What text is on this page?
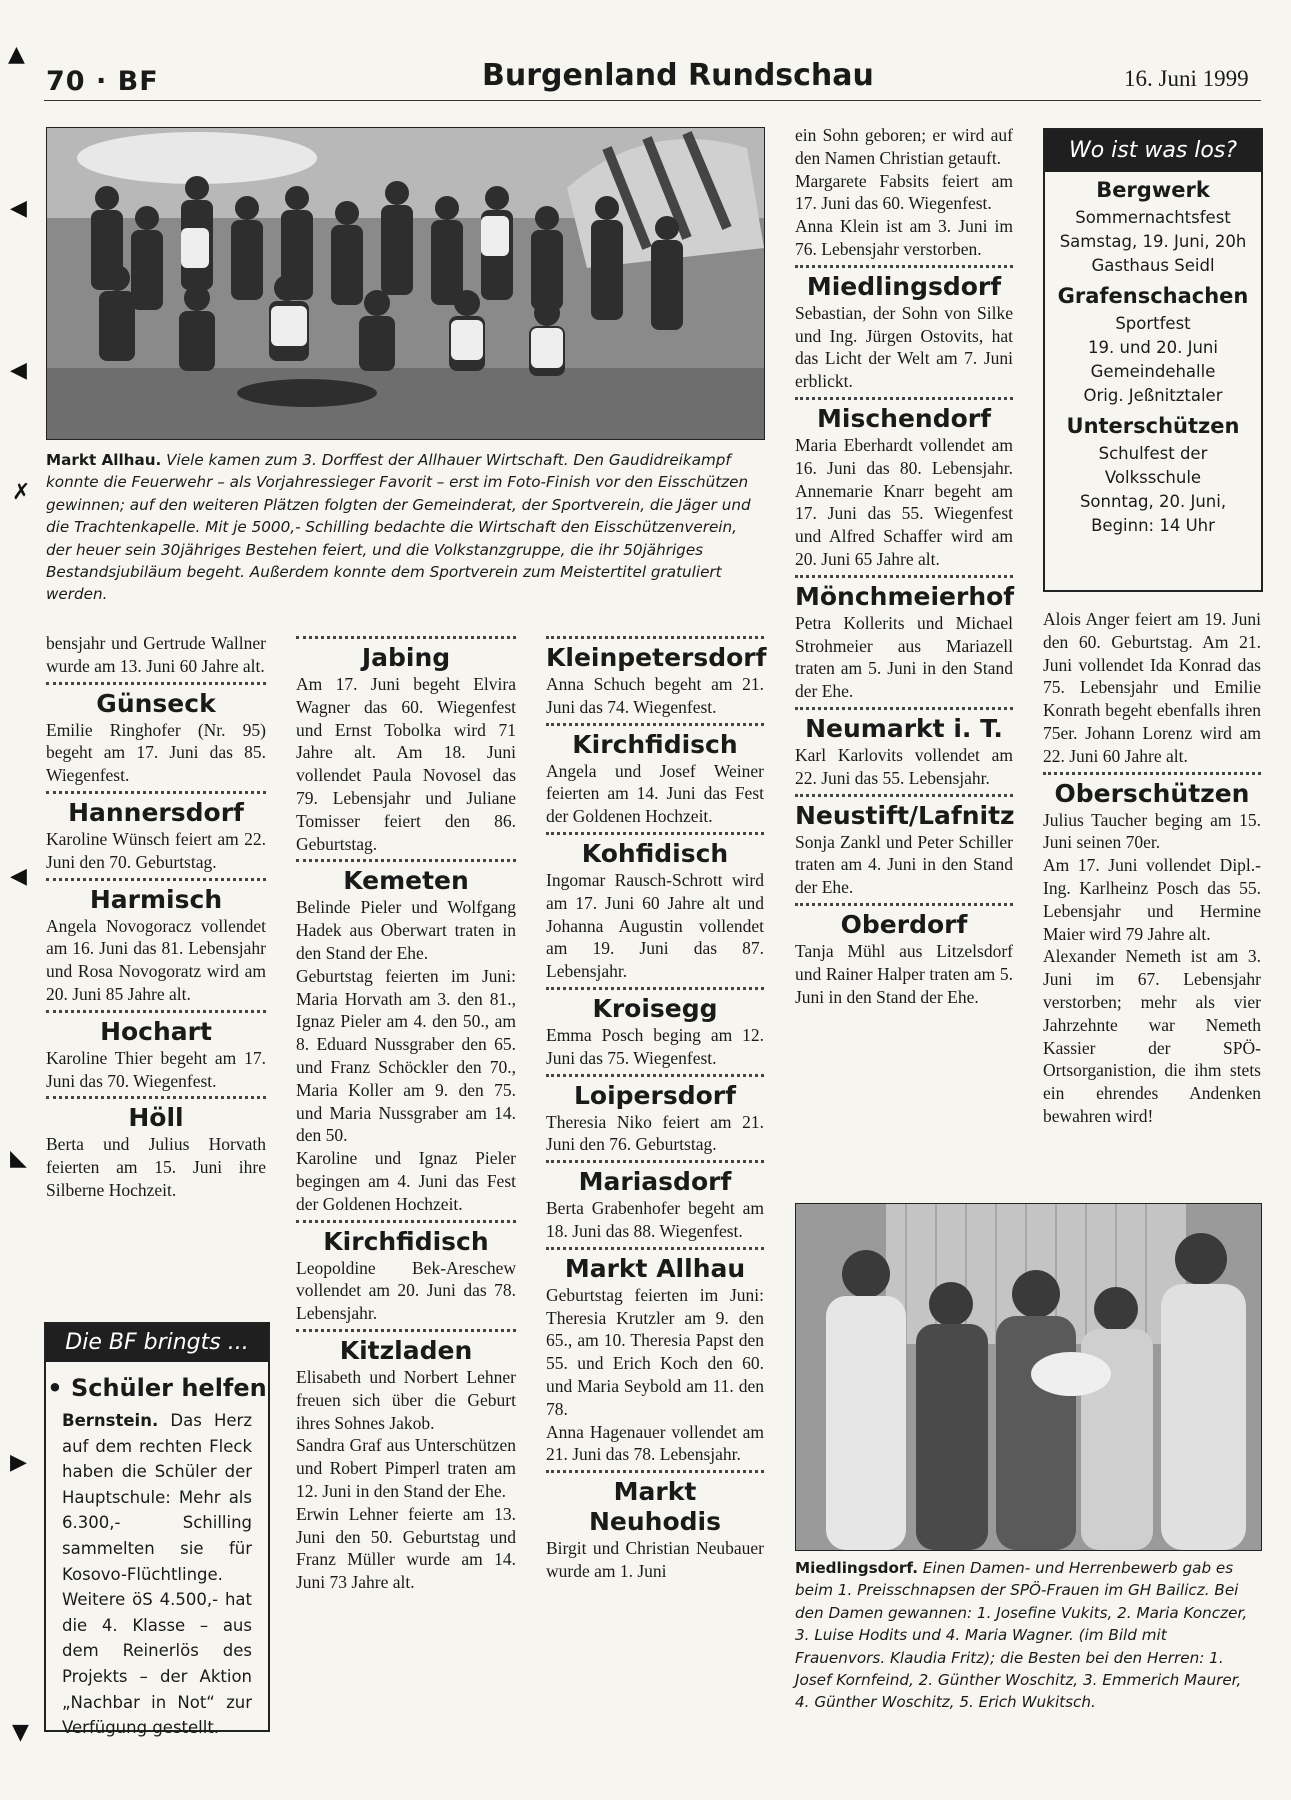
▲
◀
◀
✗
◀
◣
▶
▼
70 · BF	Burgenland Rundschau	16. Juni 1999
Markt Allhau. Viele kamen zum 3. Dorffest der Allhauer Wirtschaft. Den Gaudidreikampf konnte die Feuerwehr – als Vorjahressieger Favorit – erst im Foto-Finish vor den Eisschützen gewinnen; auf den weiteren Plätzen folgten der Gemeinderat, der Sportverein, die Jäger und die Trachtenkapelle. Mit je 5000,- Schilling bedachte die Wirtschaft den Eisschützenverein, der heuer sein 30jähriges Bestehen feiert, und die Volkstanzgruppe, die ihr 50jähriges Bestandsjubiläum begeht. Außerdem konnte dem Sportverein zum Meistertitel gratuliert werden.

bensjahr und Gertrude Wallner wurde am 13. Juni 60 Jahre alt.

Günseck

Emilie Ringhofer (Nr. 95) begeht am 17. Juni das 85. Wiegenfest.

Hannersdorf

Karoline Wünsch feiert am 22. Juni den 70. Geburtstag.

Harmisch

Angela Novogoracz vollendet am 16. Juni das 81. Lebensjahr und Rosa Novogoratz wird am 20. Juni 85 Jahre alt.

Hochart

Karoline Thier begeht am 17. Juni das 70. Wiegenfest.

Höll

Berta und Julius Horvath feierten am 15. Juni ihre Silberne Hochzeit.

Die BF bringts ...
• Schüler helfen
Bernstein. Das Herz auf dem rechten Fleck haben die Schüler der Hauptschule: Mehr als 6.300,- Schilling sammelten sie für Kosovo-Flüchtlinge. Weitere öS 4.500,- hat die 4. Klasse – aus dem Reinerlös des Projekts – der Aktion „Nachbar in Not“ zur Verfügung gestellt.
Jabing

Am 17. Juni begeht Elvira Wagner das 60. Wiegenfest und Ernst Tobolka wird 71 Jahre alt. Am 18. Juni vollendet Paula Novosel das 79. Lebensjahr und Juliane Tomisser feiert den 86. Geburtstag.

Kemeten

Belinde Pieler und Wolfgang Hadek aus Oberwart traten in den Stand der Ehe.

Geburtstag feierten im Juni: Maria Horvath am 3. den 81., Ignaz Pieler am 4. den 50., am 8. Eduard Nussgraber den 65. und Franz Schöckler den 70., Maria Koller am 9. den 75. und Maria Nussgraber am 14. den 50.

Karoline und Ignaz Pieler begingen am 4. Juni das Fest der Goldenen Hochzeit.

Kirchfidisch

Leopoldine Bek-Areschew vollendet am 20. Juni das 78. Lebensjahr.

Kitzladen

Elisabeth und Norbert Lehner freuen sich über die Geburt ihres Sohnes Jakob.

Sandra Graf aus Unterschützen und Robert Pimperl traten am 12. Juni in den Stand der Ehe.

Erwin Lehner feierte am 13. Juni den 50. Geburtstag und Franz Müller wurde am 14. Juni 73 Jahre alt.

Kleinpetersdorf

Anna Schuch begeht am 21. Juni das 74. Wiegenfest.

Kirchfidisch

Angela und Josef Weiner feierten am 14. Juni das Fest der Goldenen Hochzeit.

Kohfidisch

Ingomar Rausch-Schrott wird am 17. Juni 60 Jahre alt und Johanna Augustin vollendet am 19. Juni das 87. Lebensjahr.

Kroisegg

Emma Posch beging am 12. Juni das 75. Wiegenfest.

Loipersdorf

Theresia Niko feiert am 21. Juni den 76. Geburtstag.

Mariasdorf

Berta Grabenhofer begeht am 18. Juni das 88. Wiegenfest.

Markt Allhau

Geburtstag feierten im Juni: Theresia Krutzler am 9. den 65., am 10. Theresia Papst den 55. und Erich Koch den 60. und Maria Seybold am 11. den 78.

Anna Hagenauer vollendet am 21. Juni das 78. Lebensjahr.

Markt Neuhodis

Birgit und Christian Neubauer wurde am 1. Juni

ein Sohn geboren; er wird auf den Namen Christian getauft.

Margarete Fabsits feiert am 17. Juni das 60. Wiegenfest.

Anna Klein ist am 3. Juni im 76. Lebensjahr verstorben.

Miedlingsdorf

Sebastian, der Sohn von Silke und Ing. Jürgen Ostovits, hat das Licht der Welt am 7. Juni erblickt.

Mischendorf

Maria Eberhardt vollendet am 16. Juni das 80. Lebensjahr. Annemarie Knarr begeht am 17. Juni das 55. Wiegenfest und Alfred Schaffer wird am 20. Juni 65 Jahre alt.

Mönchmeierhof

Petra Kollerits und Michael Strohmeier aus Mariazell traten am 5. Juni in den Stand der Ehe.

Neumarkt i. T.

Karl Karlovits vollendet am 22. Juni das 55. Lebensjahr.

Neustift/Lafnitz

Sonja Zankl und Peter Schiller traten am 4. Juni in den Stand der Ehe.

Oberdorf

Tanja Mühl aus Litzelsdorf und Rainer Halper traten am 5. Juni in den Stand der Ehe.

Wo ist was los?
Bergwerk

Sommernachtsfest

Samstag, 19. Juni, 20h

Gasthaus Seidl

Grafenschachen

Sportfest

19. und 20. Juni

Gemeindehalle

Orig. Jeßnitztaler

Unterschützen

Schulfest der

Volksschule

Sonntag, 20. Juni,

Beginn: 14 Uhr

Alois Anger feiert am 19. Juni den 60. Geburtstag. Am 21. Juni vollendet Ida Konrad das 75. Lebensjahr und Emilie Konrath begeht ebenfalls ihren 75er. Johann Lorenz wird am 22. Juni 60 Jahre alt.

Oberschützen

Julius Taucher beging am 15. Juni seinen 70er.

Am 17. Juni vollendet Dipl.-Ing. Karlheinz Posch das 55. Lebensjahr und Hermine Maier wird 79 Jahre alt.

Alexander Nemeth ist am 3. Juni im 67. Lebensjahr verstorben; mehr als vier Jahrzehnte war Nemeth Kassier der SPÖ-Ortsorganistion, die ihm stets ein ehrendes Andenken bewahren wird!

Miedlingsdorf. Einen Damen- und Herrenbewerb gab es beim 1. Preisschnapsen der SPÖ-Frauen im GH Bailicz. Bei den Damen gewannen: 1. Josefine Vukits, 2. Maria Konczer, 3. Luise Hodits und 4. Maria Wagner. (im Bild mit Frauenvors. Klaudia Fritz); die Besten bei den Herren: 1. Josef Kornfeind, 2. Günther Woschitz, 3. Emmerich Maurer, 4. Günther Woschitz, 5. Erich Wukitsch.
